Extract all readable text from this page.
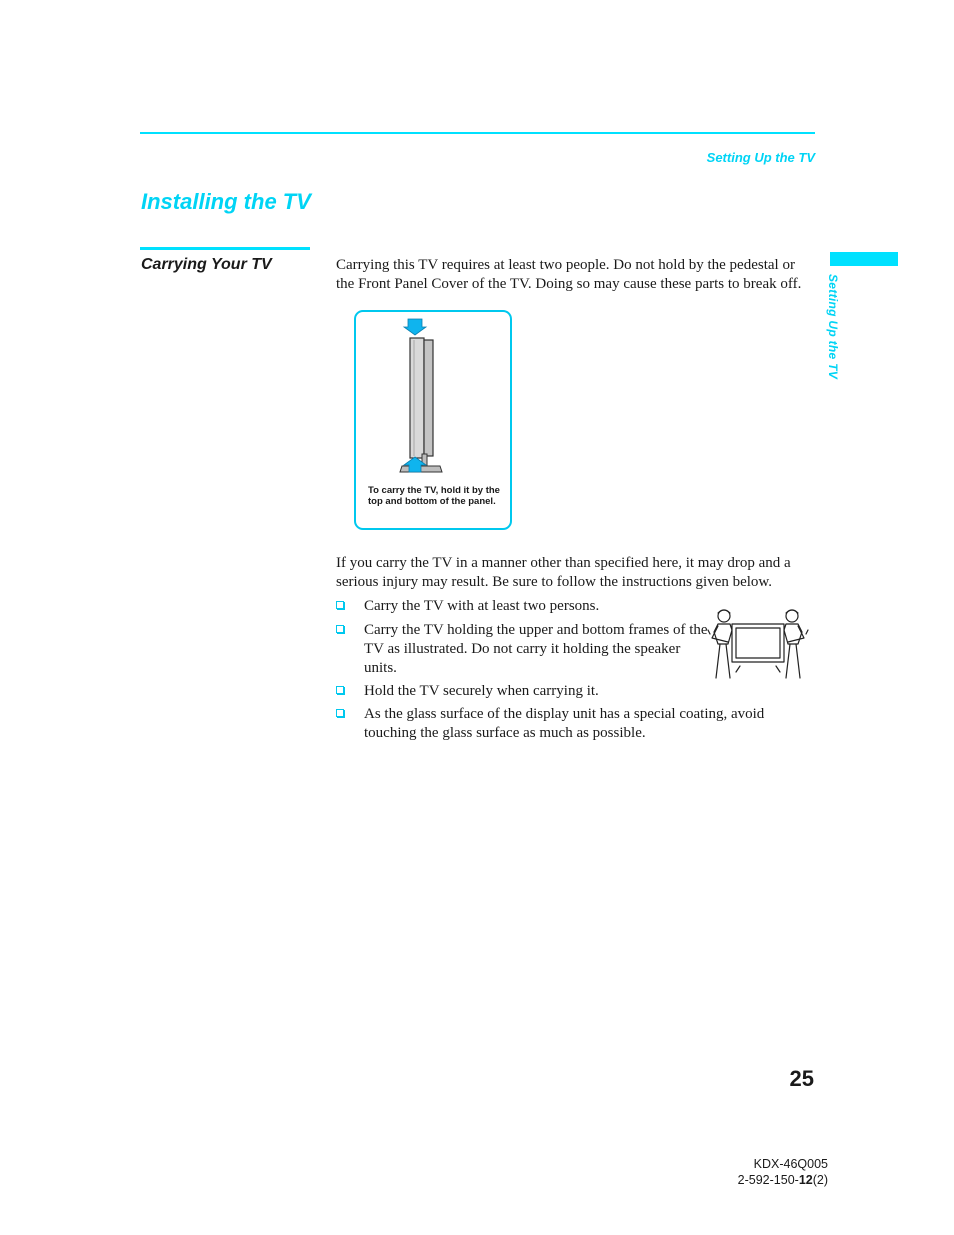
Setting Up the TV
Installing the TV
Carrying Your TV
Setting Up the TV
Carrying this TV requires at least two people. Do not hold by the pedestal or the Front Panel Cover of the TV. Doing so may cause these parts to break off.
To carry the TV, hold it by the top and bottom of the panel.
If you carry the TV in a manner other than specified here, it may drop and a serious injury may result. Be sure to follow the instructions given below.
Carry the TV with at least two persons.
Carry the TV holding the upper and bottom frames of the TV as illustrated. Do not carry it holding the speaker units.
Hold the TV securely when carrying it.
As the glass surface of the display unit has a special coating, avoid touching the glass surface as much as possible.
25
KDX-46Q005
2-592-150-12(2)
